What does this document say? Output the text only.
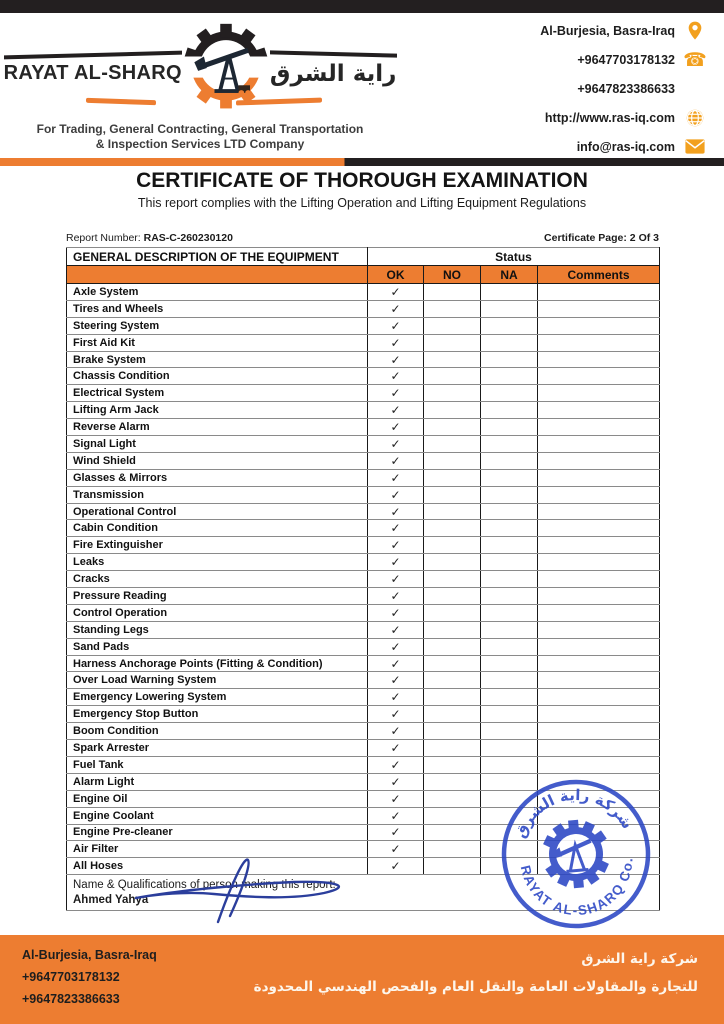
RAYAT AL-SHARQ	راية الشرق
For Trading, General Contracting, General Transportation
& Inspection Services LTD Company
Al-Burjesia, Basra-Iraq
+9647703178132 ☎
+9647823386633
http://www.ras-iq.com
info@ras-iq.com
CERTIFICATE OF THOROUGH EXAMINATION
This report complies with the Lifting Operation and Lifting Equipment Regulations
Report Number: RAS-C-260230120	Certificate Page: 2 Of 3
GENERAL DESCRIPTION OF THE EQUIPMENT	Status			
	OK	NO	NA	Comments
Axle System	✓			
Tires and Wheels	✓			
Steering System	✓			
First Aid Kit	✓			
Brake System	✓			
Chassis Condition	✓			
Electrical System	✓			
Lifting Arm Jack	✓			
Reverse Alarm	✓			
Signal Light	✓			
Wind Shield	✓			
Glasses & Mirrors	✓			
Transmission	✓			
Operational Control	✓			
Cabin Condition	✓			
Fire Extinguisher	✓			
Leaks	✓			
Cracks	✓			
Pressure Reading	✓			
Control Operation	✓			
Standing Legs	✓			
Sand Pads	✓			
Harness Anchorage Points (Fitting & Condition)	✓			
Over Load Warning System	✓			
Emergency Lowering System	✓			
Emergency Stop Button	✓			
Boom Condition	✓			
Spark Arrester	✓			
Fuel Tank	✓			
Alarm Light	✓			
Engine Oil	✓			
Engine Coolant	✓			
Engine Pre-cleaner	✓			
Air Filter	✓			
All Hoses	✓			

Name & Qualifications of person making this report:
Ahmed Yahya				
شركة راية الشرق
RAYAT AL-SHARQ Co.
Al-Burjesia, Basra-Iraq
+9647703178132
+9647823386633
شركة راية الشرق
للتجارة والمقاولات العامة والنقل العام والفحص الهندسي المحدودة
